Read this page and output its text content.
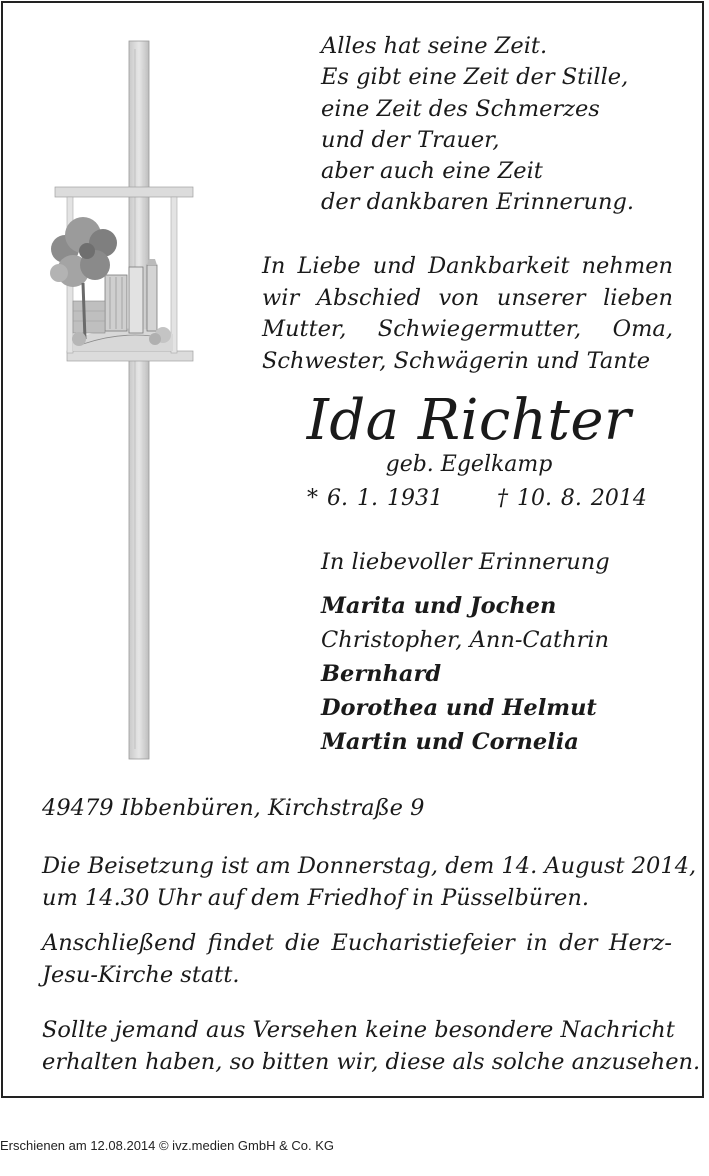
Alles hat seine Zeit.
Es gibt eine Zeit der Stille,
eine Zeit des Schmerzes
und der Trauer,
aber auch eine Zeit
der dankbaren Erinnerung.
In Liebe und Dankbarkeit nehmen
wir Abschied von unserer lieben
Mutter, Schwiegermutter, Oma,
Schwester, Schwägerin und Tante
Ida Richter
geb. Egelkamp
* 6. 1. 1931 † 10. 8. 2014
In liebevoller Erinnerung
Marita und Jochen
Christopher, Ann-Cathrin
Bernhard
Dorothea und Helmut
Martin und Cornelia
49479 Ibbenbüren, Kirchstraße 9
Die Beisetzung ist am Donnerstag, dem 14. August 2014,
um 14.30 Uhr auf dem Friedhof in Püsselbüren.
Anschließend findet die Eucharistiefeier in der Herz-
Jesu-Kirche statt.
Sollte jemand aus Versehen keine besondere Nachricht
erhalten haben, so bitten wir, diese als solche anzusehen.
Erschienen am 12.08.2014 © ivz.medien GmbH & Co. KG
